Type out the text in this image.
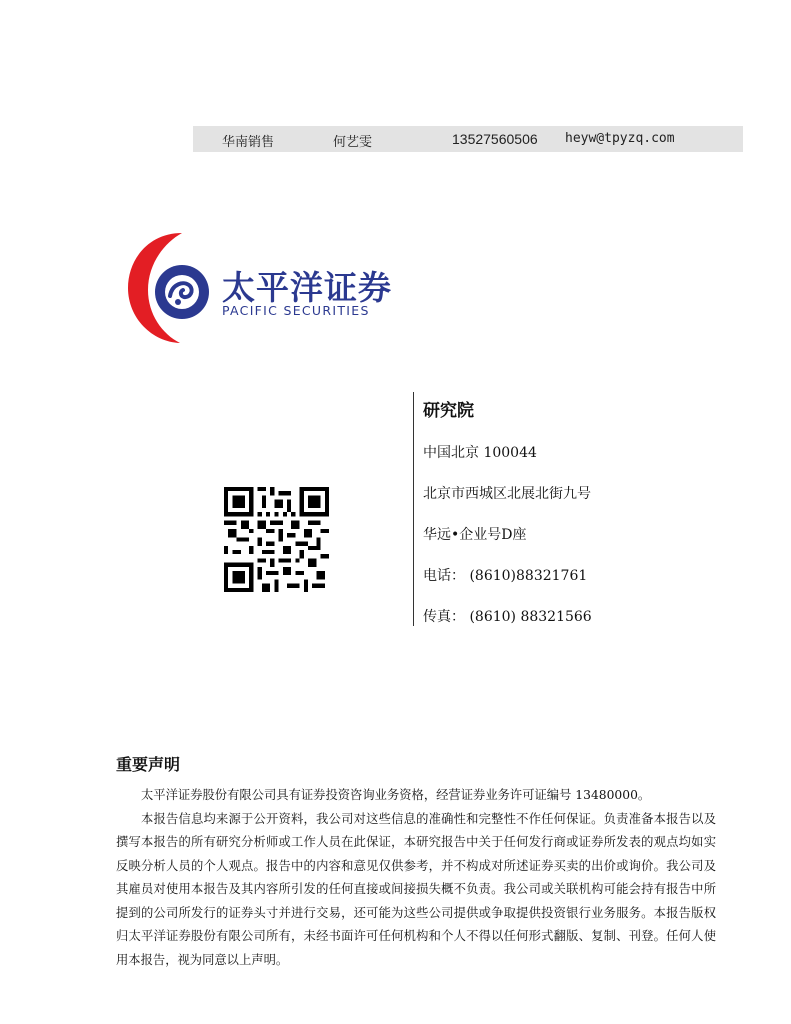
华南销售	何艺雯	13527560506 heyw@tpyzq.com
太平洋证券
PACIFIC SECURITIES
研究院
中国北京 100044
北京市西城区北展北街九号
华远•企业号D座
电话： (8610)88321761
传真： (8610) 88321566
重要声明

太平洋证券股份有限公司具有证券投资咨询业务资格，经营证券业务许可证编号 13480000。

本报告信息均来源于公开资料，我公司对这些信息的准确性和完整性不作任何保证。负责准备本报告以及撰写本报告的所有研究分析师或工作人员在此保证，本研究报告中关于任何发行商或证券所发表的观点均如实反映分析人员的个人观点。报告中的内容和意见仅供参考，并不构成对所述证券买卖的出价或询价。我公司及其雇员对使用本报告及其内容所引发的任何直接或间接损失概不负责。我公司或关联机构可能会持有报告中所提到的公司所发行的证券头寸并进行交易，还可能为这些公司提供或争取提供投资银行业务服务。本报告版权归太平洋证券股份有限公司所有，未经书面许可任何机构和个人不得以任何形式翻版、复制、刊登。任何人使用本报告，视为同意以上声明。
